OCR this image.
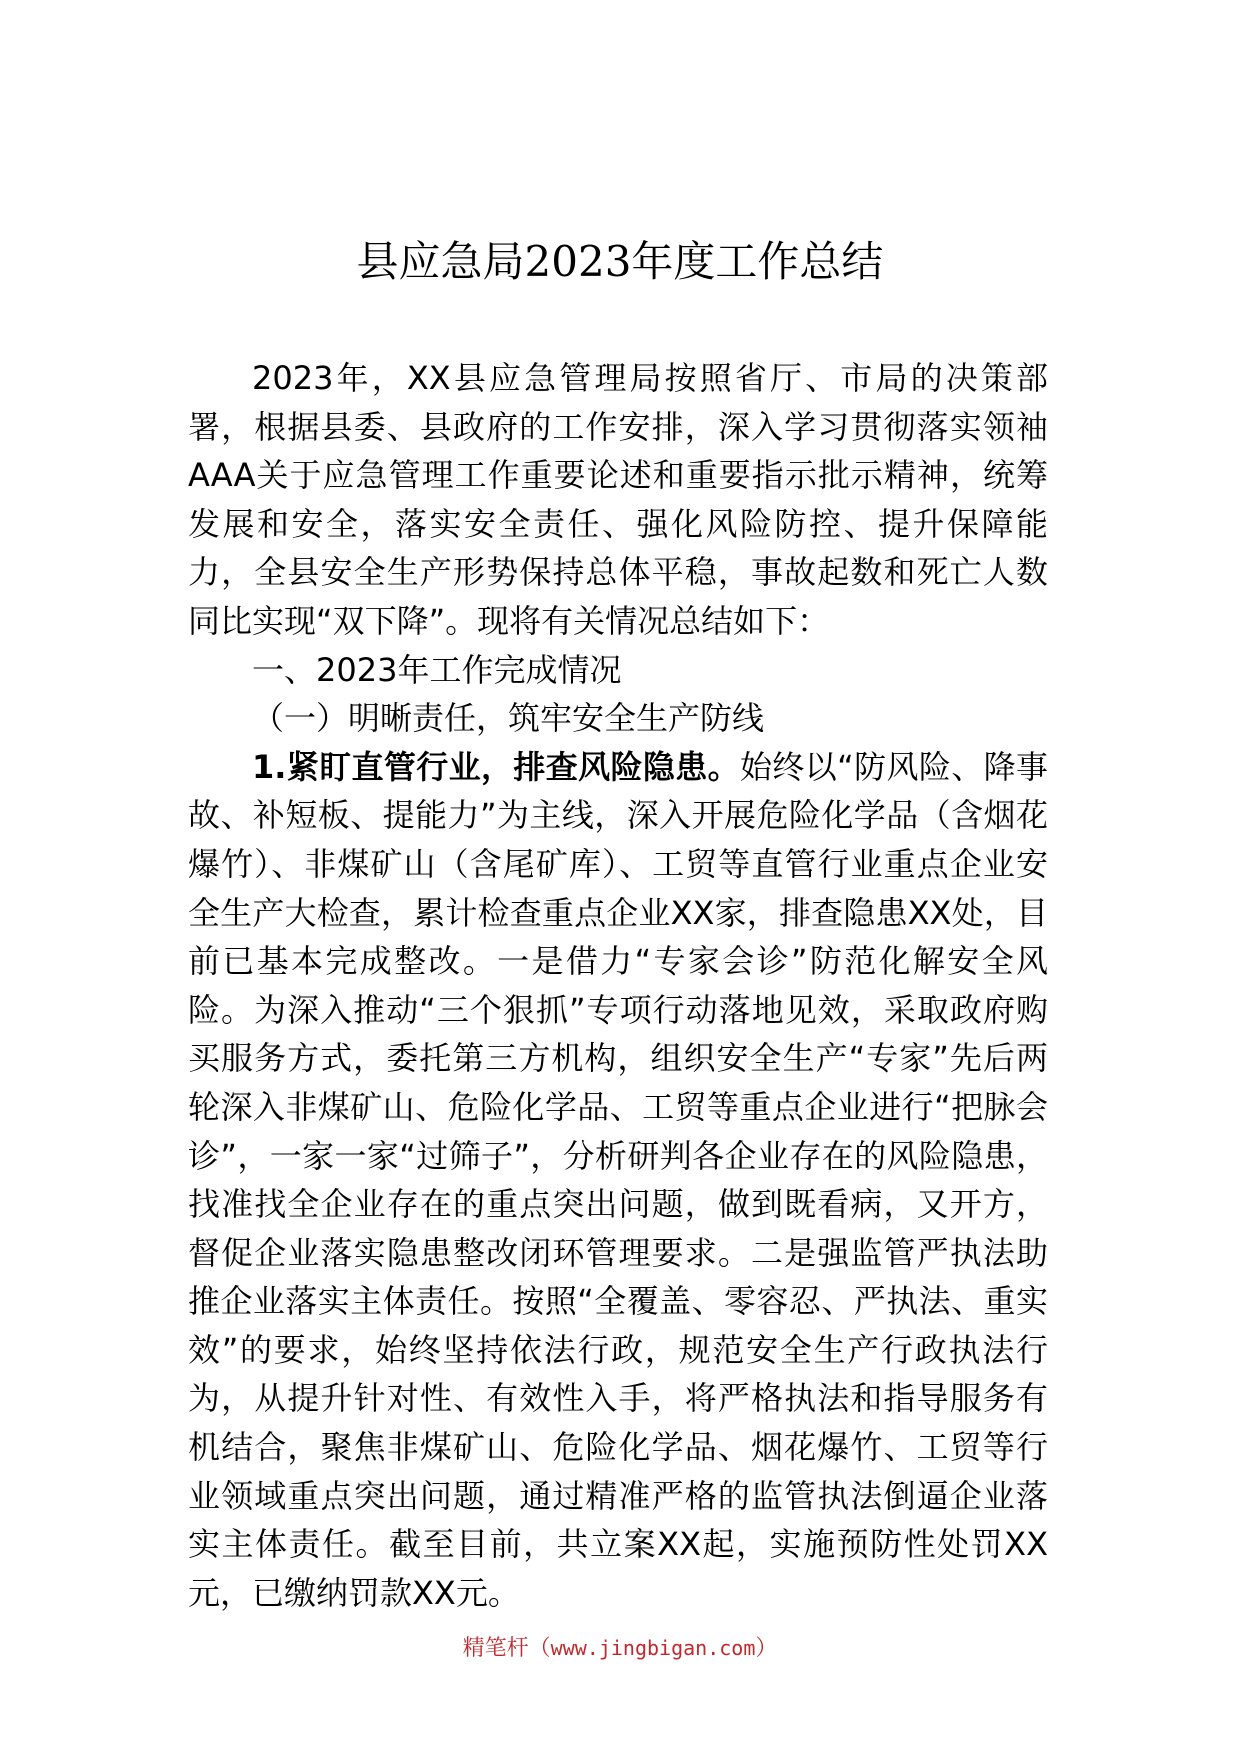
县应急局2023年度工作总结

2023年，XX县应急管理局按照省厅、市局的决策部署，根据县委、县政府的工作安排，深入学习贯彻落实领袖AAA关于应急管理工作重要论述和重要指示批示精神，统筹发展和安全，落实安全责任、强化风险防控、提升保障能力，全县安全生产形势保持总体平稳，事故起数和死亡人数同比实现“双下降”。现将有关情况总结如下：

一、2023年工作完成情况

（一）明晰责任，筑牢安全生产防线

1.紧盯直管行业，排查风险隐患。始终以“防风险、降事故、补短板、提能力”为主线，深入开展危险化学品（含烟花爆竹）、非煤矿山（含尾矿库）、工贸等直管行业重点企业安全生产大检查，累计检查重点企业XX家，排查隐患XX处，目前已基本完成整改。一是借力“专家会诊”防范化解安全风险。为深入推动“三个狠抓”专项行动落地见效，采取政府购买服务方式，委托第三方机构，组织安全生产“专家”先后两轮深入非煤矿山、危险化学品、工贸等重点企业进行“把脉会诊”，一家一家“过筛子”，分析研判各企业存在的风险隐患，找准找全企业存在的重点突出问题，做到既看病，又开方，督促企业落实隐患整改闭环管理要求。二是强监管严执法助推企业落实主体责任。按照“全覆盖、零容忍、严执法、重实效”的要求，始终坚持依法行政，规范安全生产行政执法行为，从提升针对性、有效性入手，将严格执法和指导服务有机结合，聚焦非煤矿山、危险化学品、烟花爆竹、工贸等行业领域重点突出问题，通过精准严格的监管执法倒逼企业落实主体责任。截至目前，共立案XX起，实施预防性处罚XX元，已缴纳罚款XX元。

精笔杆（www.jingbigan.com）
